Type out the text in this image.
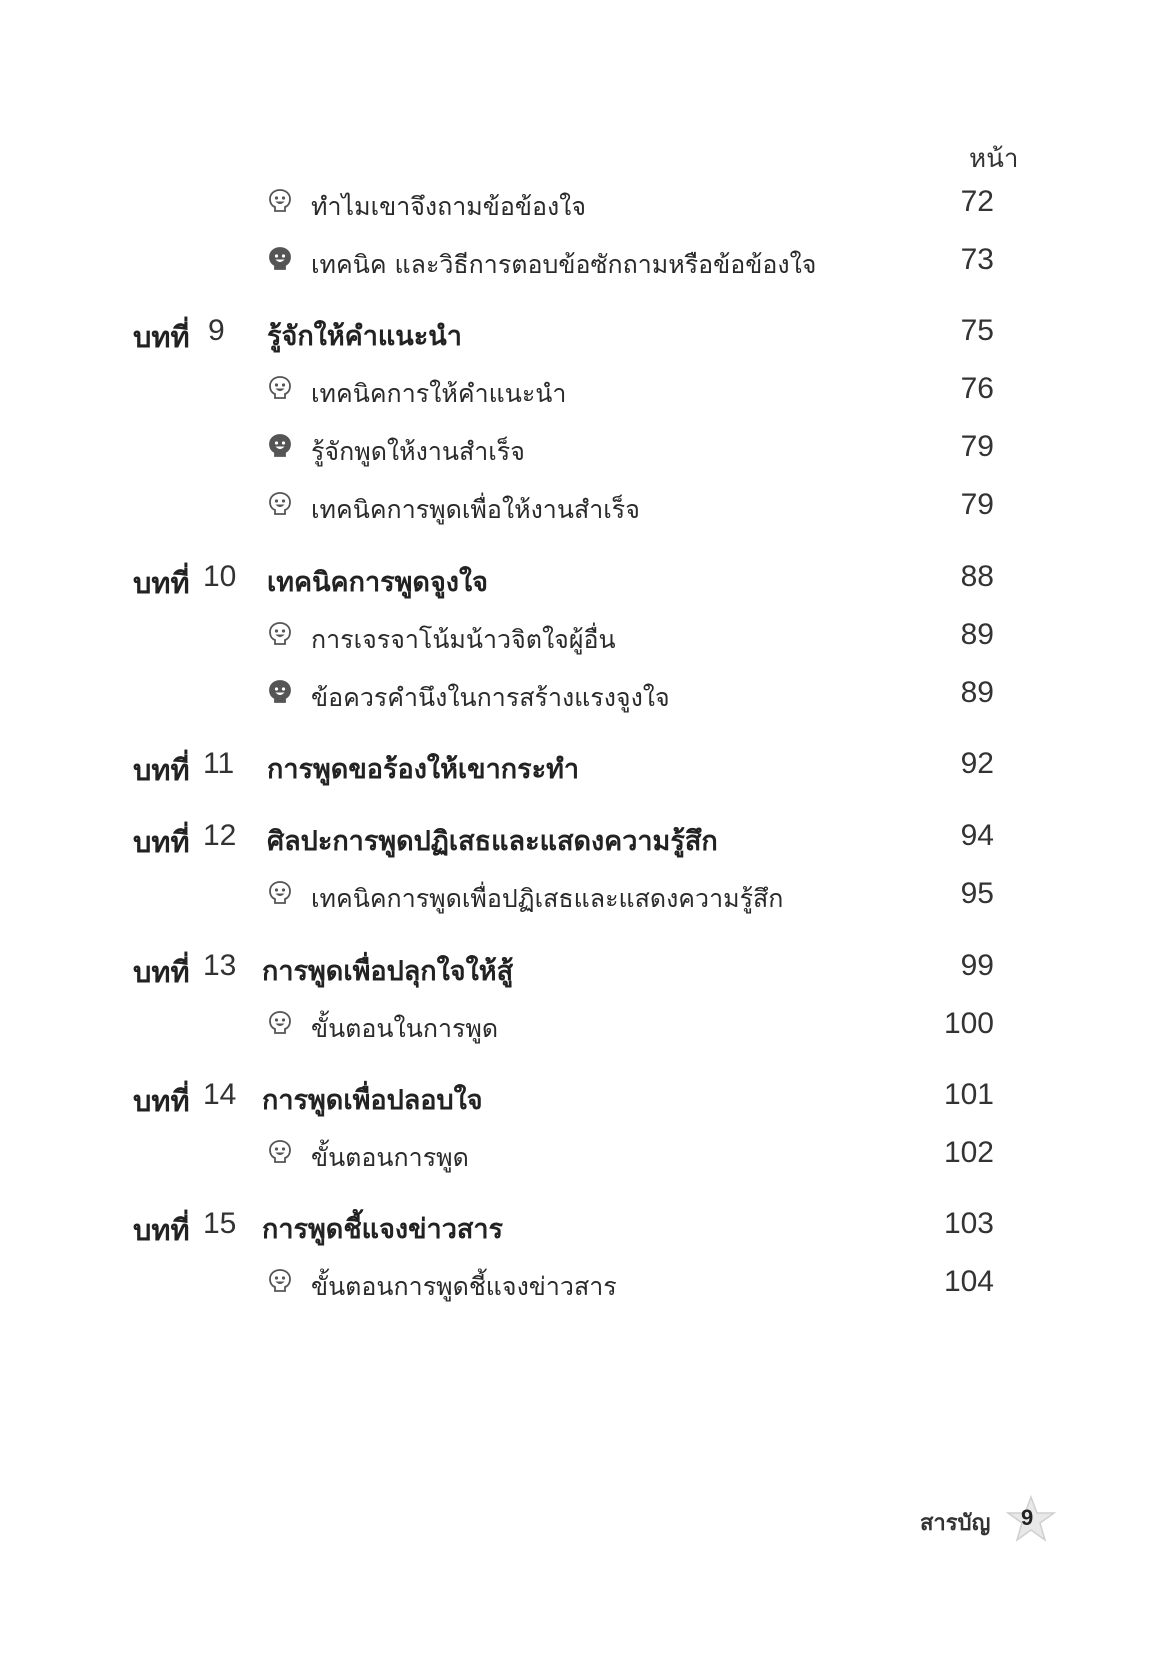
หน้า
ทำไมเขาจึงถามข้อข้องใจ	72
เทคนิค และวิธีการตอบข้อซักถามหรือข้อข้องใจ	73
บทที่ 9 รู้จักให้คำแนะนำ	75
เทคนิคการให้คำแนะนำ	76
รู้จักพูดให้งานสำเร็จ	79
เทคนิคการพูดเพื่อให้งานสำเร็จ	79
บทที่ 10 เทคนิคการพูดจูงใจ	88
การเจรจาโน้มน้าวจิตใจผู้อื่น	89
ข้อควรคำนึงในการสร้างแรงจูงใจ	89
บทที่ 11 การพูดขอร้องให้เขากระทำ	92
บทที่ 12 ศิลปะการพูดปฏิเสธและแสดงความรู้สึก	94
เทคนิคการพูดเพื่อปฏิเสธและแสดงความรู้สึก	95
บทที่ 13 การพูดเพื่อปลุกใจให้สู้	99
ขั้นตอนในการพูด	100
บทที่ 14 การพูดเพื่อปลอบใจ	101
ขั้นตอนการพูด	102
บทที่ 15 การพูดชี้แจงข่าวสาร	103
ขั้นตอนการพูดชี้แจงข่าวสาร	104
สารบัญ 9
